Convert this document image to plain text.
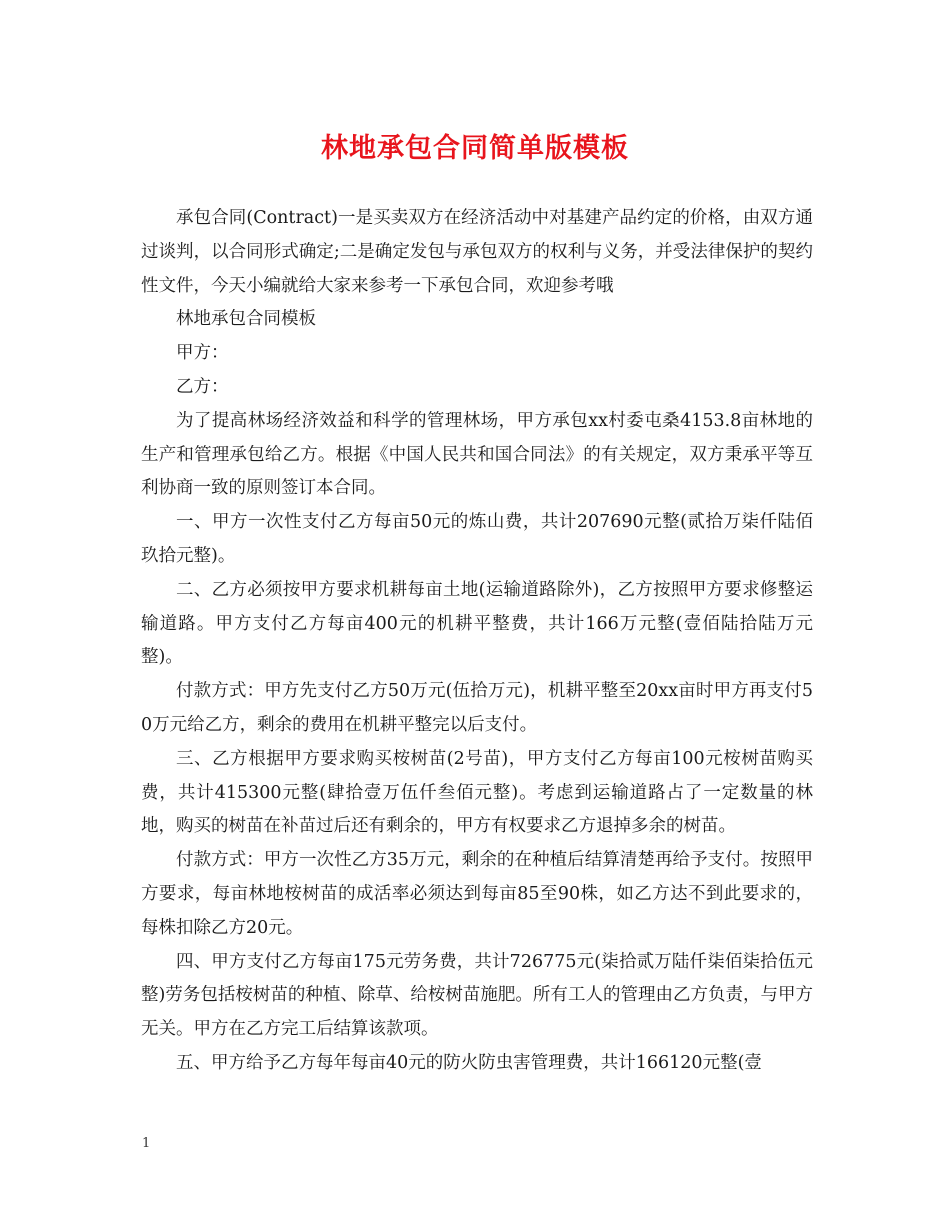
林地承包合同简单版模板

承包合同(Contract)一是买卖双方在经济活动中对基建产品约定的价格，由双方通过谈判，以合同形式确定;二是确定发包与承包双方的权利与义务，并受法律保护的契约性文件，今天小编就给大家来参考一下承包合同，欢迎参考哦

林地承包合同模板

甲方：

乙方：

为了提高林场经济效益和科学的管理林场，甲方承包xx村委屯桑4153.8亩林地的生产和管理承包给乙方。根据《中国人民共和国合同法》的有关规定，双方秉承平等互利协商一致的原则签订本合同。

一、甲方一次性支付乙方每亩50元的炼山费，共计207690元整(贰拾万柒仟陆佰玖拾元整)。

二、乙方必须按甲方要求机耕每亩土地(运输道路除外)，乙方按照甲方要求修整运输道路。甲方支付乙方每亩400元的机耕平整费，共计166万元整(壹佰陆拾陆万元整)。

付款方式：甲方先支付乙方50万元(伍拾万元)，机耕平整至20xx亩时甲方再支付50万元给乙方，剩余的费用在机耕平整完以后支付。

三、乙方根据甲方要求购买桉树苗(2号苗)，甲方支付乙方每亩100元桉树苗购买费，共计415300元整(肆拾壹万伍仟叁佰元整)。考虑到运输道路占了一定数量的林地，购买的树苗在补苗过后还有剩余的，甲方有权要求乙方退掉多余的树苗。

付款方式：甲方一次性乙方35万元，剩余的在种植后结算清楚再给予支付。按照甲方要求，每亩林地桉树苗的成活率必须达到每亩85至90株，如乙方达不到此要求的，每株扣除乙方20元。

四、甲方支付乙方每亩175元劳务费，共计726775元(柒拾贰万陆仟柒佰柒拾伍元整)劳务包括桉树苗的种植、除草、给桉树苗施肥。所有工人的管理由乙方负责，与甲方无关。甲方在乙方完工后结算该款项。

五、甲方给予乙方每年每亩40元的防火防虫害管理费，共计166120元整(壹

1
